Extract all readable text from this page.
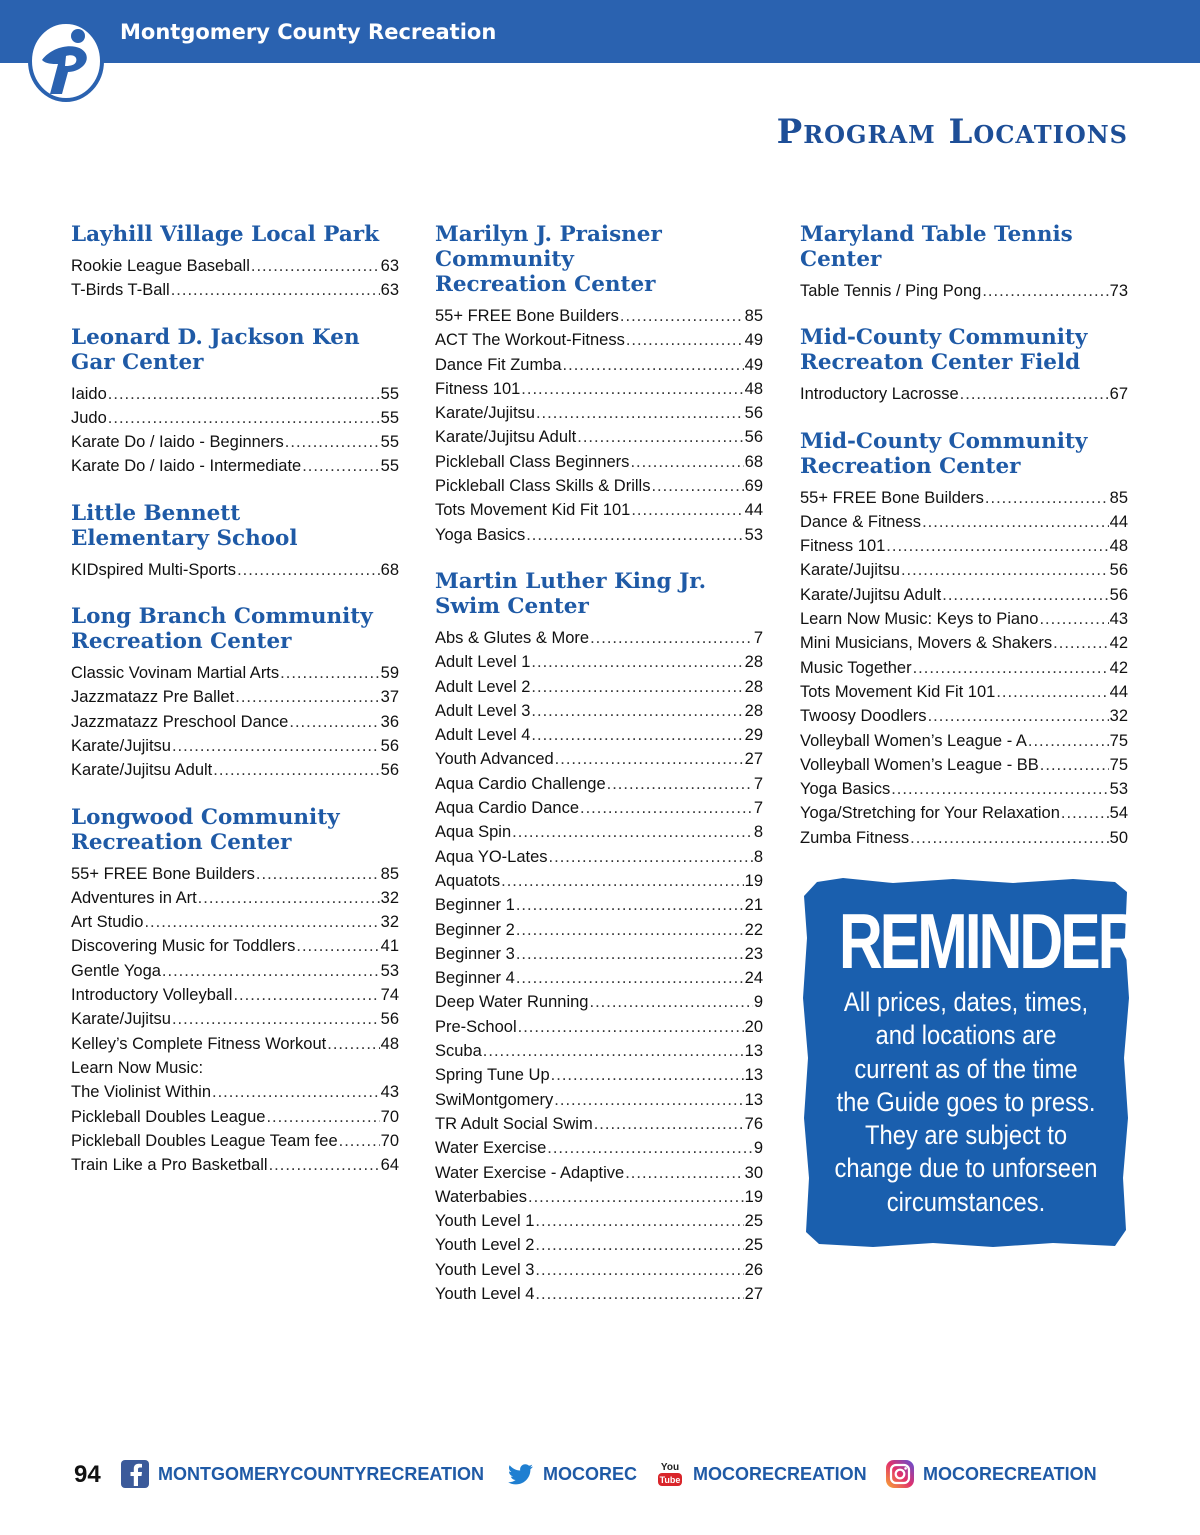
Montgomery County Recreation
Program Locations
Layhill Village Local Park
Rookie League Baseball .....	63
T-Birds T-Ball .....	63
Leonard D. Jackson Ken
Gar Center
Iaido .....	55
Judo .....	55
Karate Do / Iaido - Beginners .....	55
Karate Do / Iaido - Intermediate .....	55
Little Bennett
Elementary School
KIDspired Multi-Sports .....	68
Long Branch Community
Recreation Center
Classic Vovinam Martial Arts .....	59
Jazzmatazz Pre Ballet .....	37
Jazzmatazz Preschool Dance .....	36
Karate/Jujitsu .....	56
Karate/Jujitsu Adult .....	56
Longwood Community
Recreation Center
55+ FREE Bone Builders .....	85
Adventures in Art .....	32
Art Studio .....	32
Discovering Music for Toddlers .....	41
Gentle Yoga .....	53
Introductory Volleyball .....	74
Karate/Jujitsu .....	56
Kelley’s Complete Fitness Workout .....	48
Learn Now Music:
The Violinist Within .....	43
Pickleball Doubles League .....	70
Pickleball Doubles League Team fee .....	70
Train Like a Pro Basketball .....	64
Marilyn J. Praisner
Community
Recreation Center
55+ FREE Bone Builders .....	85
ACT The Workout-Fitness .....	49
Dance Fit Zumba .....	49
Fitness 101 .....	48
Karate/Jujitsu .....	56
Karate/Jujitsu Adult .....	56
Pickleball Class Beginners .....	68
Pickleball Class Skills & Drills .....	69
Tots Movement Kid Fit 101 .....	44
Yoga Basics .....	53
Martin Luther King Jr.
Swim Center
Abs & Glutes & More .....	7
Adult Level 1 .....	28
Adult Level 2 .....	28
Adult Level 3 .....	28
Adult Level 4 .....	29
Youth Advanced .....	27
Aqua Cardio Challenge .....	7
Aqua Cardio Dance .....	7
Aqua Spin .....	8
Aqua YO-Lates .....	8
Aquatots .....	19
Beginner 1 .....	21
Beginner 2 .....	22
Beginner 3 .....	23
Beginner 4 .....	24
Deep Water Running .....	9
Pre-School .....	20
Scuba .....	13
Spring Tune Up .....	13
SwiMontgomery .....	13
TR Adult Social Swim .....	76
Water Exercise .....	9
Water Exercise - Adaptive .....	30
Waterbabies .....	19
Youth Level 1 .....	25
Youth Level 2 .....	25
Youth Level 3 .....	26
Youth Level 4 .....	27
Maryland Table Tennis
Center
Table Tennis / Ping Pong .....	73
Mid-County Community
Recreaton Center Field
Introductory Lacrosse .....	67
Mid-County Community
Recreation Center
55+ FREE Bone Builders .....	85
Dance & Fitness .....	44
Fitness 101 .....	48
Karate/Jujitsu .....	56
Karate/Jujitsu Adult .....	56
Learn Now Music: Keys to Piano .....	43
Mini Musicians, Movers & Shakers .....	42
Music Together .....	42
Tots Movement Kid Fit 101 .....	44
Twoosy Doodlers .....	32
Volleyball Women’s League - A .....	75
Volleyball Women’s League - BB .....	75
Yoga Basics .....	53
Yoga/Stretching for Your Relaxation .....	54
Zumba Fitness .....	50
REMINDER
All prices, dates, times,
and locations are
current as of the time
the Guide goes to press.
They are subject to
change due to unforseen
circumstances.
94	MONTGOMERYCOUNTYRECREATION	MOCOREC You
Tube MOCORECREATION	MOCORECREATION
